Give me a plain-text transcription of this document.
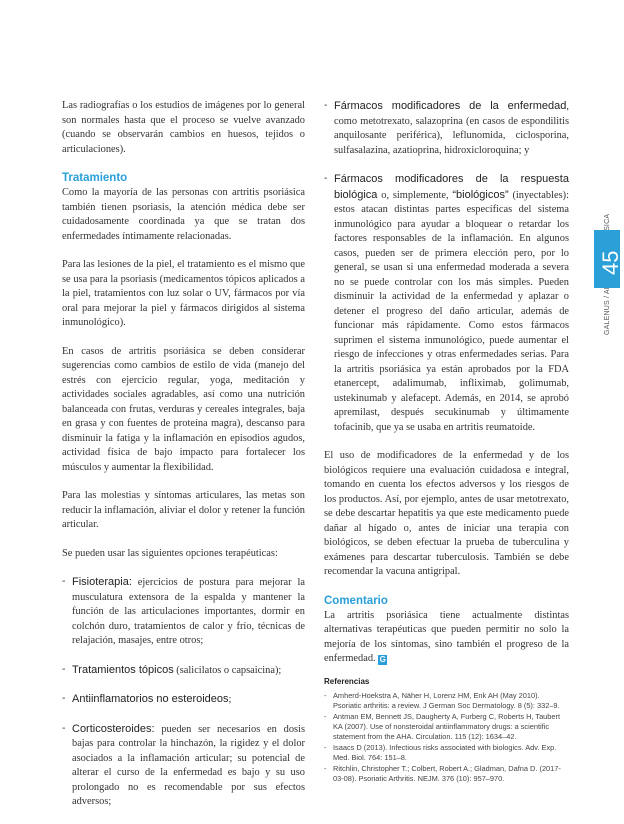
Las radiografías o los estudios de imágenes por lo general son normales hasta que el proceso se vuelve avanzado (cuando se observarán cambios en huesos, tejidos o articulaciones).

Tratamiento

Como la mayoría de las personas con artritis psoriásica también tienen psoriasis, la atención médica debe ser cuidadosamente coordinada ya que se tratan dos enfermedades íntimamente relacionadas.

Para las lesiones de la piel, el tratamiento es el mismo que se usa para la psoriasis (medicamentos tópicos aplicados a la piel, tratamientos con luz solar o UV, fármacos por vía oral para mejorar la piel y fármacos dirigidos al sistema inmunológico).

En casos de artritis psoriásica se deben considerar sugerencias como cambios de estilo de vida (manejo del estrés con ejercicio regular, yoga, meditación y actividades sociales agradables, así como una nutrición balanceada con frutas, verduras y cereales integrales, baja en grasa y con fuentes de proteína magra), descanso para disminuir la fatiga y la inflamación en episodios agudos, actividad física de bajo impacto para fortalecer los músculos y aumentar la flexibilidad.

Para las molestias y síntomas articulares, las metas son reducir la inflamación, aliviar el dolor y retener la función articular.

Se pueden usar las siguientes opciones terapéuticas:

- Fisioterapia: ejercicios de postura para mejorar la musculatura extensora de la espalda y mantener la función de las articulaciones importantes, dormir en colchón duro, tratamientos de calor y frío, técnicas de relajación, masajes, entre otros;
- Tratamientos tópicos (salicilatos o capsaicina);
- Antiinflamatorios no esteroideos;
- Corticosteroides: pueden ser necesarios en dosis bajas para controlar la hinchazón, la rigidez y el dolor asociados a la inflamación articular; su potencial de alterar el curso de la enfermedad es bajo y su uso prolongado no es recomendable por sus efectos adversos;
- Fármacos modificadores de la enfermedad, como metotrexato, salazoprina (en casos de espondilitis anquilosante periférica), leflunomida, ciclosporina, sulfasalazina, azatioprina, hidroxicloroquina; y
- Fármacos modificadores de la respuesta biológica o, simplemente, “biológicos” (inyectables): estos atacan distintas partes específicas del sistema inmunológico para ayudar a bloquear o retardar los factores responsables de la inflamación. En algunos casos, pueden ser de primera elección pero, por lo general, se usan si una enfermedad moderada a severa no se puede controlar con los más simples. Pueden disminuir la actividad de la enfermedad y aplazar o detener el progreso del daño articular, además de funcionar más rápidamente. Como estos fármacos suprimen el sistema inmunológico, puede aumentar el riesgo de infecciones y otras enfermedades serias. Para la artritis psoriásica ya están aprobados por la FDA etanercept, adalimumab, infliximab, golimumab, ustekinumab y alefacept. Además, en 2014, se aprobó apremilast, después secukinumab y últimamente tofacinib, que ya se usaba en artritis reumatoide.

El uso de modificadores de la enfermedad y de los biológicos requiere una evaluación cuidadosa e integral, tomando en cuenta los efectos adversos y los riesgos de los productos. Así, por ejemplo, antes de usar metotrexato, se debe descartar hepatitis ya que este medicamento puede dañar al hígado o, antes de iniciar una terapia con biológicos, se deben efectuar la prueba de tuberculina y exámenes para descartar tuberculosis. También se debe recomendar la vacuna antigripal.

Comentario

La artritis psoriásica tiene actualmente distintas alternativas terapéuticas que pueden permitir no solo la mejoría de los síntomas, sino también el progreso de la enfermedad. G

Referencias
- Amherd-Hoekstra A, Näher H, Lorenz HM, Enk AH (May 2010). Psoriatic arthritis: a review. J German Soc Dermatology. 8 (5): 332–9.
- Antman EM, Bennett JS, Daugherty A, Furberg C, Roberts H, Taubert KA (2007). Use of nonsteroidal antiinflammatory drugs: a scientific statement from the AHA. Circulation. 115 (12): 1634–42.
- Isaacs D (2013). Infectious risks associated with biologics. Adv. Exp. Med. Biol. 764: 151–8.
- Ritchlin, Christopher T.; Colbert, Robert A.; Gladman, Dafna D. (2017-03-08). Psoriatic Arthritis. NEJM. 376 (10): 957–970.
45
